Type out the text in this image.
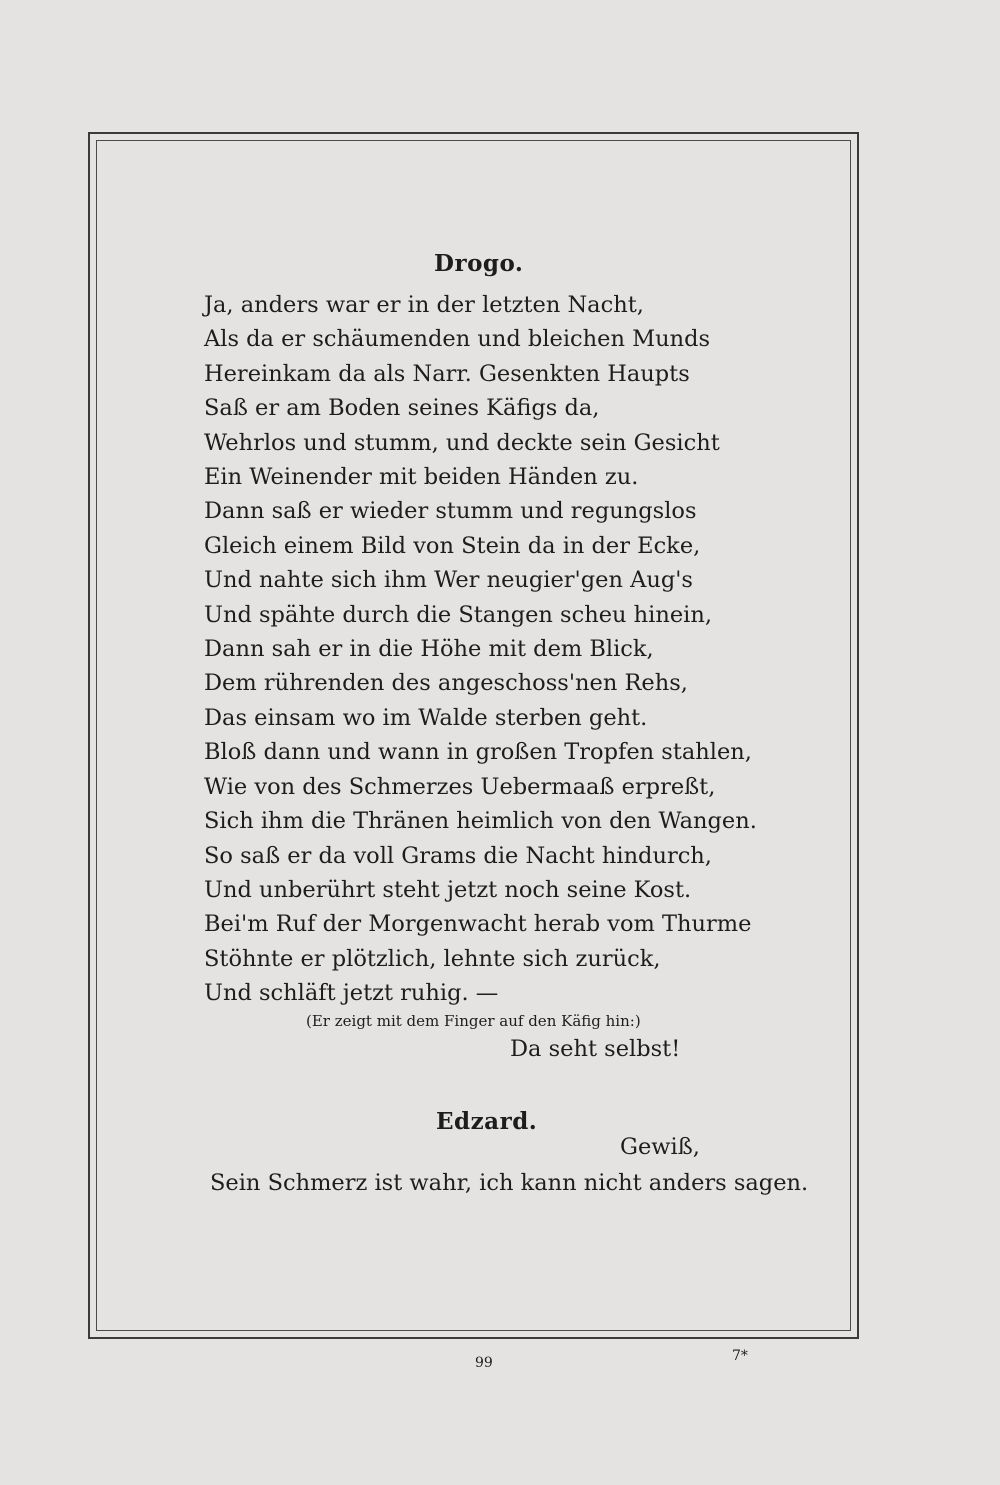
Drogo.
Ja, anders war er in der letzten Nacht,
Als da er schäumenden und bleichen Munds
Hereinkam da als Narr. Gesenkten Haupts
Saß er am Boden seines Käfigs da,
Wehrlos und stumm, und deckte sein Gesicht
Ein Weinender mit beiden Händen zu.
Dann saß er wieder stumm und regungslos
Gleich einem Bild von Stein da in der Ecke,
Und nahte sich ihm Wer neugier'gen Aug's
Und spähte durch die Stangen scheu hinein,
Dann sah er in die Höhe mit dem Blick,
Dem rührenden des angeschoss'nen Rehs,
Das einsam wo im Walde sterben geht.
Bloß dann und wann in großen Tropfen stahlen,
Wie von des Schmerzes Uebermaaß erpreßt,
Sich ihm die Thränen heimlich von den Wangen.
So saß er da voll Grams die Nacht hindurch,
Und unberührt steht jetzt noch seine Kost.
Bei'm Ruf der Morgenwacht herab vom Thurme
Stöhnte er plötzlich, lehnte sich zurück,
Und schläft jetzt ruhig. —
(Er zeigt mit dem Finger auf den Käfig hin:)
Da seht selbst!
Edzard.
Gewiß,
Sein Schmerz ist wahr, ich kann nicht anders sagen.
99	7*
